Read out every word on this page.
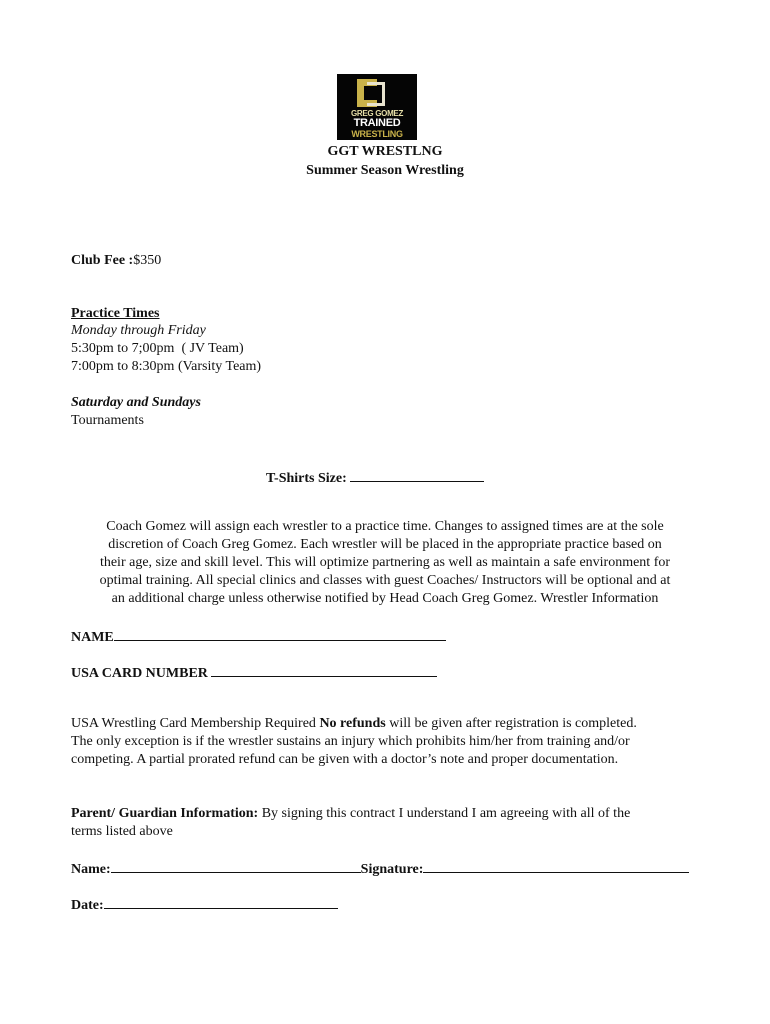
GREG GOMEZ
TRAINED
WRESTLING
GGT WRESTLNG
Summer Season Wrestling
Club Fee :$350
Practice Times
Monday through Friday
5:30pm to 7;00pm  ( JV Team)
7:00pm to 8:30pm (Varsity Team)
Saturday and Sundays
Tournaments
T-Shirts Size:
Coach Gomez will assign each wrestler to a practice time. Changes to assigned times are at the sole
discretion of Coach Greg Gomez. Each wrestler will be placed in the appropriate practice based on
their age, size and skill level. This will optimize partnering as well as maintain a safe environment for
optimal training. All special clinics and classes with guest Coaches/ Instructors will be optional and at
an additional charge unless otherwise notified by Head Coach Greg Gomez. Wrestler Information
NAME
USA CARD NUMBER
USA Wrestling Card Membership Required No refunds will be given after registration is completed.
The only exception is if the wrestler sustains an injury which prohibits him/her from training and/or
competing. A partial prorated refund can be given with a doctor’s note and proper documentation.
Parent/ Guardian Information: By signing this contract I understand I am agreeing with all of the
terms listed above
Name:	Signature:
Date:
